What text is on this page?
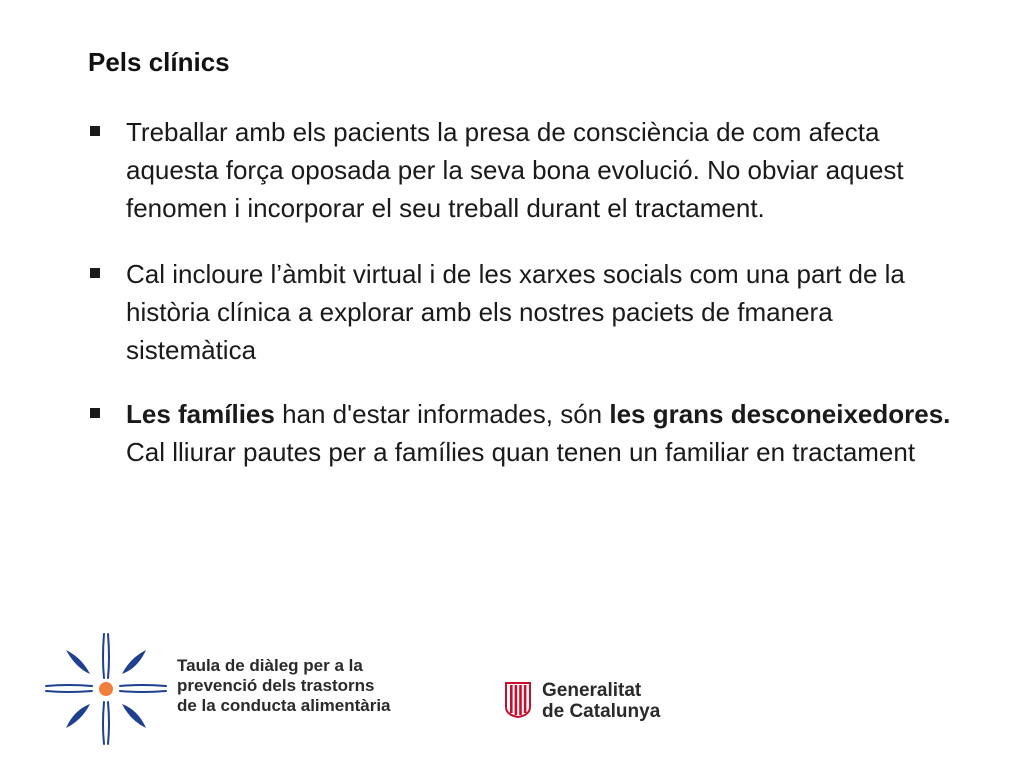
Pels clínics
Treballar amb els pacients la presa de consciència de com afecta aquesta força oposada per la seva bona evolució. No obviar aquest fenomen i incorporar el seu treball durant el tractament.
Cal incloure l’àmbit virtual i de les xarxes socials com una part de la història clínica a explorar amb els nostres paciets de fmanera sistemàtica
Les famílies han d'estar informades, són les grans desconeixedores. Cal lliurar pautes per a famílies quan tenen un familiar en tractament
Taula de diàleg per a la
prevenció dels trastorns
de la conducta alimentària
Generalitat
de Catalunya
